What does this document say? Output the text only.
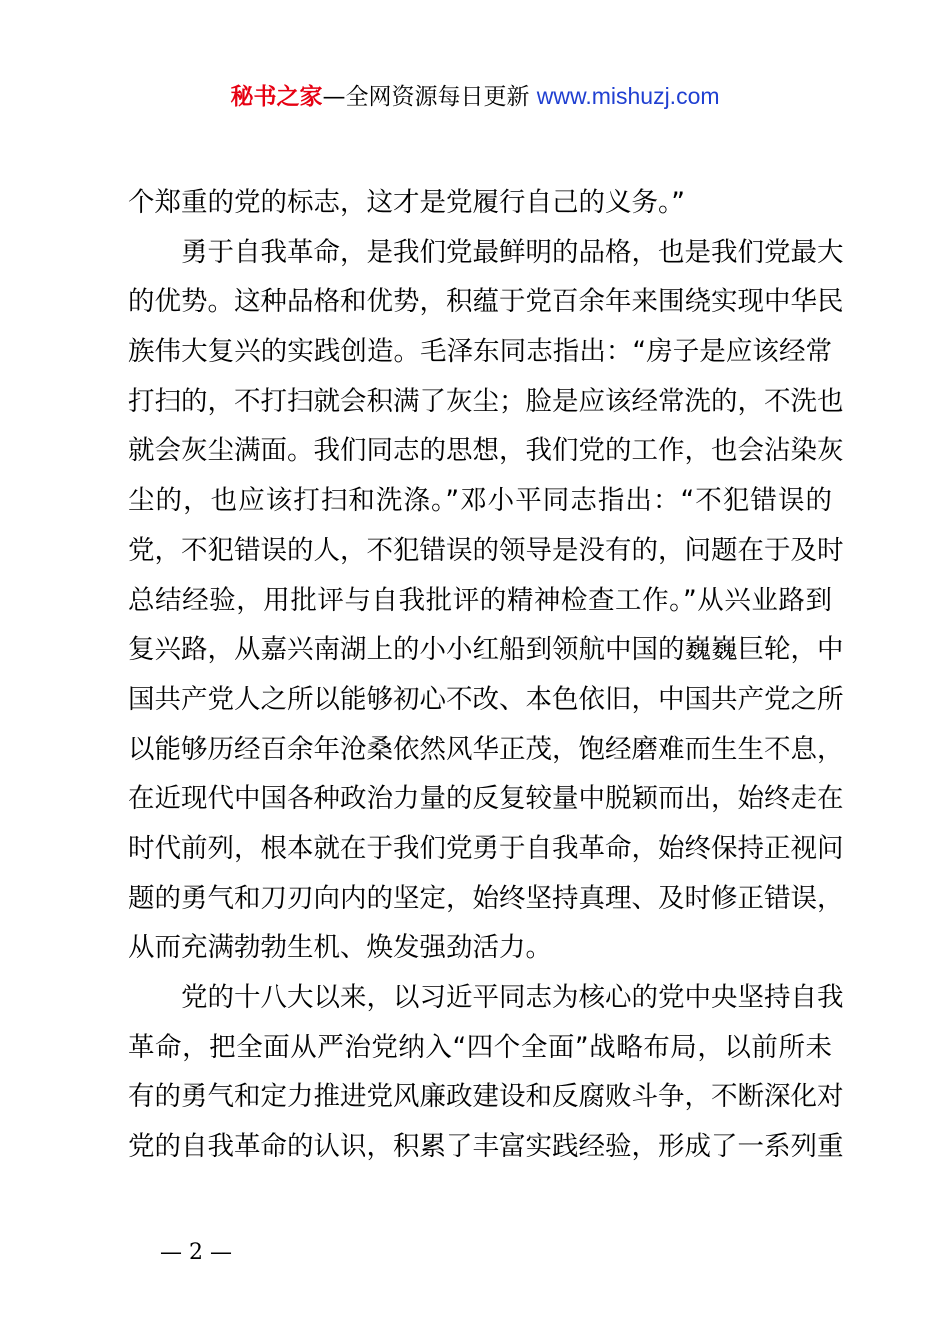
秘书之家—全网资源每日更新 www.mishuzj.com
个郑重的党的标志，这才是党履行自己的义务。”
勇于自我革命，是我们党最鲜明的品格，也是我们党最大
的优势。这种品格和优势，积蕴于党百余年来围绕实现中华民
族伟大复兴的实践创造。毛泽东同志指出：“房子是应该经常
打扫的，不打扫就会积满了灰尘；脸是应该经常洗的，不洗也
就会灰尘满面。我们同志的思想，我们党的工作，也会沾染灰
尘的，也应该打扫和洗涤。”邓小平同志指出：“不犯错误的
党，不犯错误的人，不犯错误的领导是没有的，问题在于及时
总结经验，用批评与自我批评的精神检查工作。”从兴业路到
复兴路，从嘉兴南湖上的小小红船到领航中国的巍巍巨轮，中
国共产党人之所以能够初心不改、本色依旧，中国共产党之所
以能够历经百余年沧桑依然风华正茂，饱经磨难而生生不息，
在近现代中国各种政治力量的反复较量中脱颖而出，始终走在
时代前列，根本就在于我们党勇于自我革命，始终保持正视问
题的勇气和刀刃向内的坚定，始终坚持真理、及时修正错误，
从而充满勃勃生机、焕发强劲活力。
党的十八大以来，以习近平同志为核心的党中央坚持自我
革命，把全面从严治党纳入“四个全面”战略布局，以前所未
有的勇气和定力推进党风廉政建设和反腐败斗争，不断深化对
党的自我革命的认识，积累了丰富实践经验，形成了一系列重
— 2 —
